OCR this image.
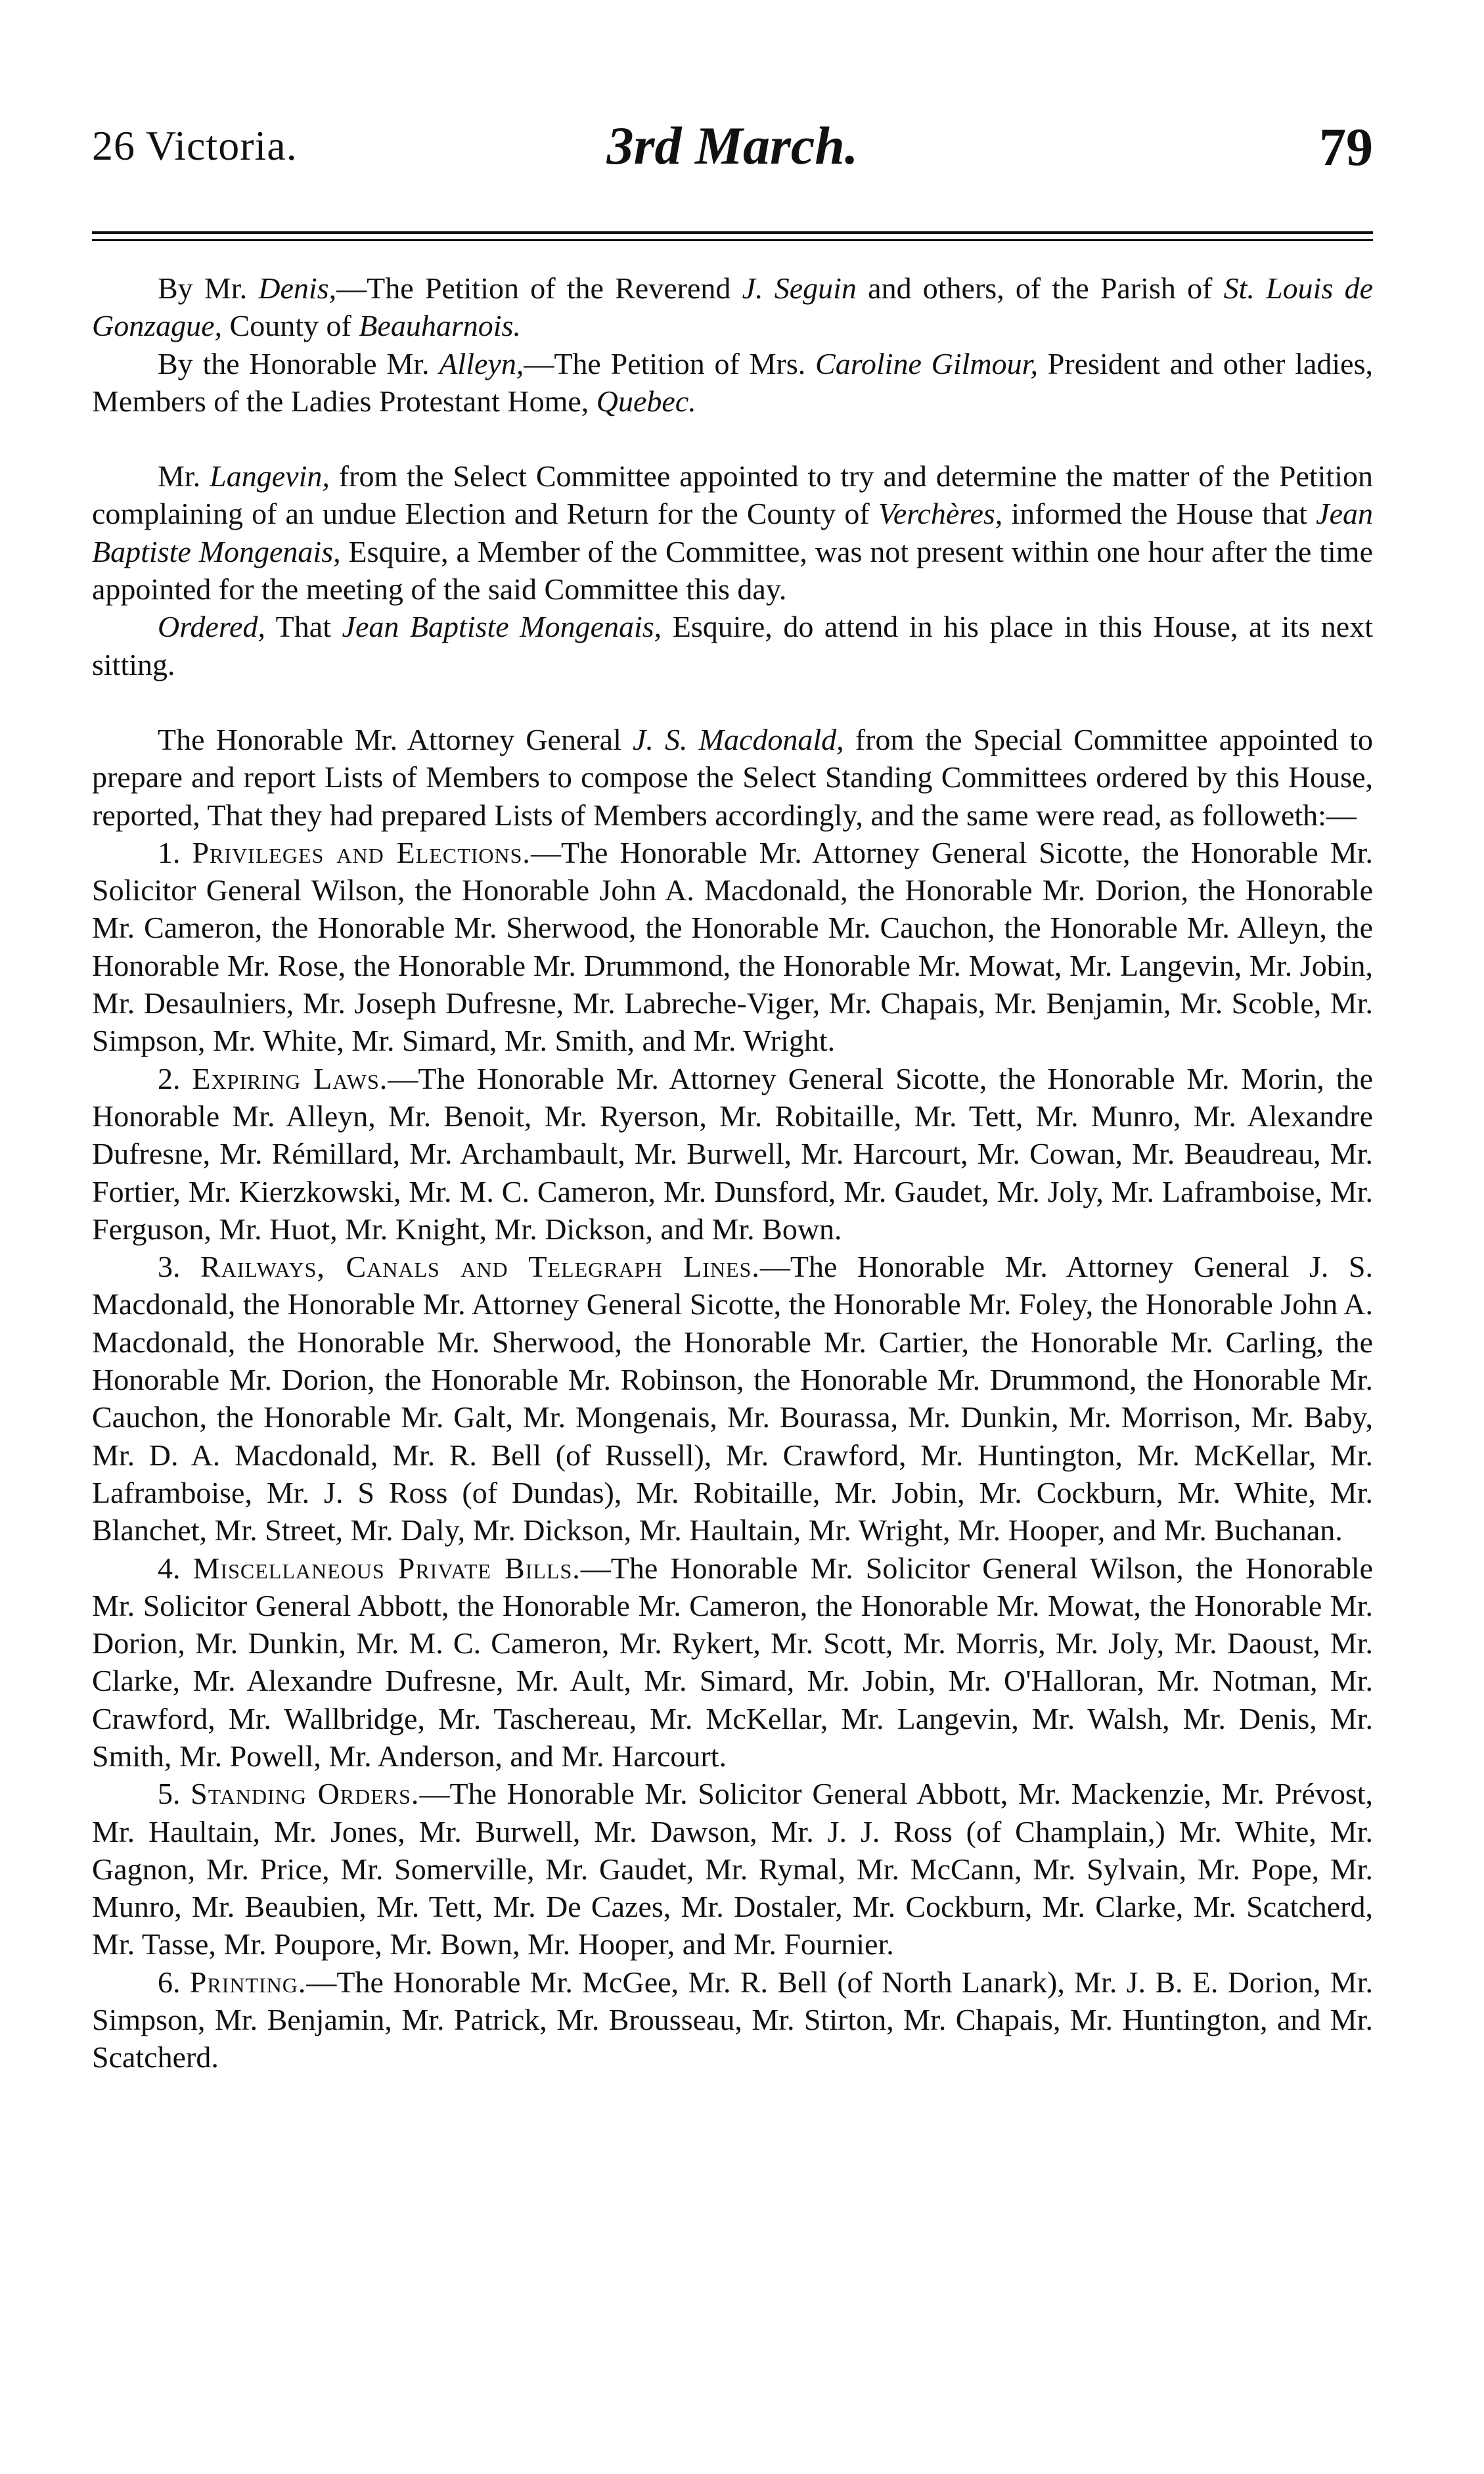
26 Victoria.	3rd March.	79

By Mr. Denis,—The Petition of the Reverend J. Seguin and others, of the Parish of St. Louis de Gonzague, County of Beauharnois.

By the Honorable Mr. Alleyn,—The Petition of Mrs. Caroline Gilmour, President and other ladies, Members of the Ladies Protestant Home, Quebec.

Mr. Langevin, from the Select Committee appointed to try and determine the matter of the Petition complaining of an undue Election and Return for the County of Verchères, informed the House that Jean Baptiste Mongenais, Esquire, a Member of the Committee, was not present within one hour after the time appointed for the meeting of the said Committee this day.

Ordered, That Jean Baptiste Mongenais, Esquire, do attend in his place in this House, at its next sitting.

The Honorable Mr. Attorney General J. S. Macdonald, from the Special Committee appointed to prepare and report Lists of Members to compose the Select Standing Committees ordered by this House, reported, That they had prepared Lists of Members accordingly, and the same were read, as followeth:—

1. Privileges and Elections.—The Honorable Mr. Attorney General Sicotte, the Honorable Mr. Solicitor General Wilson, the Honorable John A. Macdonald, the Honorable Mr. Dorion, the Honorable Mr. Cameron, the Honorable Mr. Sherwood, the Honorable Mr. Cauchon, the Honorable Mr. Alleyn, the Honorable Mr. Rose, the Honorable Mr. Drummond, the Honorable Mr. Mowat, Mr. Langevin, Mr. Jobin, Mr. Desaulniers, Mr. Joseph Dufresne, Mr. Labreche-Viger, Mr. Chapais, Mr. Benjamin, Mr. Scoble, Mr. Simpson, Mr. White, Mr. Simard, Mr. Smith, and Mr. Wright.

2. Expiring Laws.—The Honorable Mr. Attorney General Sicotte, the Honorable Mr. Morin, the Honorable Mr. Alleyn, Mr. Benoit, Mr. Ryerson, Mr. Robitaille, Mr. Tett, Mr. Munro, Mr. Alexandre Dufresne, Mr. Rémillard, Mr. Archambault, Mr. Burwell, Mr. Harcourt, Mr. Cowan, Mr. Beaudreau, Mr. Fortier, Mr. Kierzkowski, Mr. M. C. Cameron, Mr. Dunsford, Mr. Gaudet, Mr. Joly, Mr. Laframboise, Mr. Ferguson, Mr. Huot, Mr. Knight, Mr. Dickson, and Mr. Bown.

3. Railways, Canals and Telegraph Lines.—The Honorable Mr. Attorney General J. S. Macdonald, the Honorable Mr. Attorney General Sicotte, the Honorable Mr. Foley, the Honorable John A. Macdonald, the Honorable Mr. Sherwood, the Honorable Mr. Cartier, the Honorable Mr. Carling, the Honorable Mr. Dorion, the Honorable Mr. Robinson, the Honorable Mr. Drummond, the Honorable Mr. Cauchon, the Honorable Mr. Galt, Mr. Mongenais, Mr. Bourassa, Mr. Dunkin, Mr. Morrison, Mr. Baby, Mr. D. A. Macdonald, Mr. R. Bell (of Russell), Mr. Crawford, Mr. Huntington, Mr. McKellar, Mr. Laframboise, Mr. J. S Ross (of Dundas), Mr. Robitaille, Mr. Jobin, Mr. Cockburn, Mr. White, Mr. Blanchet, Mr. Street, Mr. Daly, Mr. Dickson, Mr. Haultain, Mr. Wright, Mr. Hooper, and Mr. Buchanan.

4. Miscellaneous Private Bills.—The Honorable Mr. Solicitor General Wilson, the Honorable Mr. Solicitor General Abbott, the Honorable Mr. Cameron, the Honorable Mr. Mowat, the Honorable Mr. Dorion, Mr. Dunkin, Mr. M. C. Cameron, Mr. Rykert, Mr. Scott, Mr. Morris, Mr. Joly, Mr. Daoust, Mr. Clarke, Mr. Alexandre Dufresne, Mr. Ault, Mr. Simard, Mr. Jobin, Mr. O'Halloran, Mr. Notman, Mr. Crawford, Mr. Wallbridge, Mr. Taschereau, Mr. McKellar, Mr. Langevin, Mr. Walsh, Mr. Denis, Mr. Smith, Mr. Powell, Mr. Anderson, and Mr. Harcourt.

5. Standing Orders.—The Honorable Mr. Solicitor General Abbott, Mr. Mackenzie, Mr. Prévost, Mr. Haultain, Mr. Jones, Mr. Burwell, Mr. Dawson, Mr. J. J. Ross (of Champlain,) Mr. White, Mr. Gagnon, Mr. Price, Mr. Somerville, Mr. Gaudet, Mr. Rymal, Mr. McCann, Mr. Sylvain, Mr. Pope, Mr. Munro, Mr. Beaubien, Mr. Tett, Mr. De Cazes, Mr. Dostaler, Mr. Cockburn, Mr. Clarke, Mr. Scatcherd, Mr. Tasse, Mr. Poupore, Mr. Bown, Mr. Hooper, and Mr. Fournier.

6. Printing.—The Honorable Mr. McGee, Mr. R. Bell (of North Lanark), Mr. J. B. E. Dorion, Mr. Simpson, Mr. Benjamin, Mr. Patrick, Mr. Brousseau, Mr. Stirton, Mr. Chapais, Mr. Huntington, and Mr. Scatcherd.
